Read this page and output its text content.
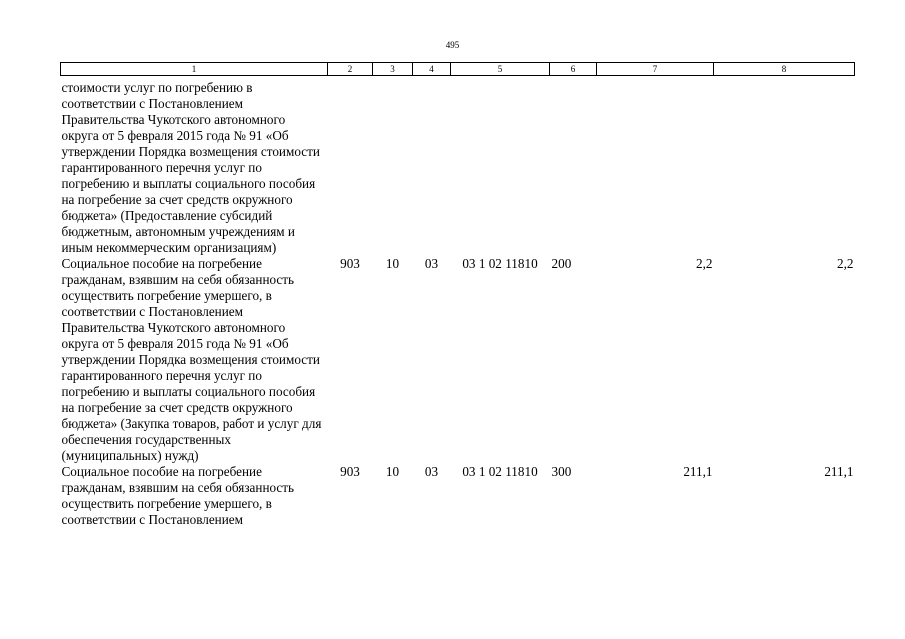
495
1	2	3	4	5	6	7	8
стоимости услуг по погребению в соответствии с Постановлением Правительства Чукотского автономного округа от 5 февраля 2015 года № 91 «Об утверждении Порядка возмещения стоимости гарантированного перечня услуг по погребению и выплаты социального пособия на погребение за счет средств окружного бюджета» (Предоставление субсидий бюджетным, автономным учреждениям и иным некоммерческим организациям)							
Социальное пособие на погребение гражданам, взявшим на себя обязанность осуществить погребение умершего, в соответствии с Постановлением Правительства Чукотского автономного округа от 5 февраля 2015 года № 91 «Об утверждении Порядка возмещения стоимости гарантированного перечня услуг по погребению и выплаты социального пособия на погребение за счет средств окружного бюджета» (Закупка товаров, работ и услуг для обеспечения государственных (муниципальных) нужд)	903	10	03	03 1 02 11810	200	2,2	2,2
Социальное пособие на погребение гражданам, взявшим на себя обязанность осуществить погребение умершего, в соответствии с Постановлением	903	10	03	03 1 02 11810	300	211,1	211,1
